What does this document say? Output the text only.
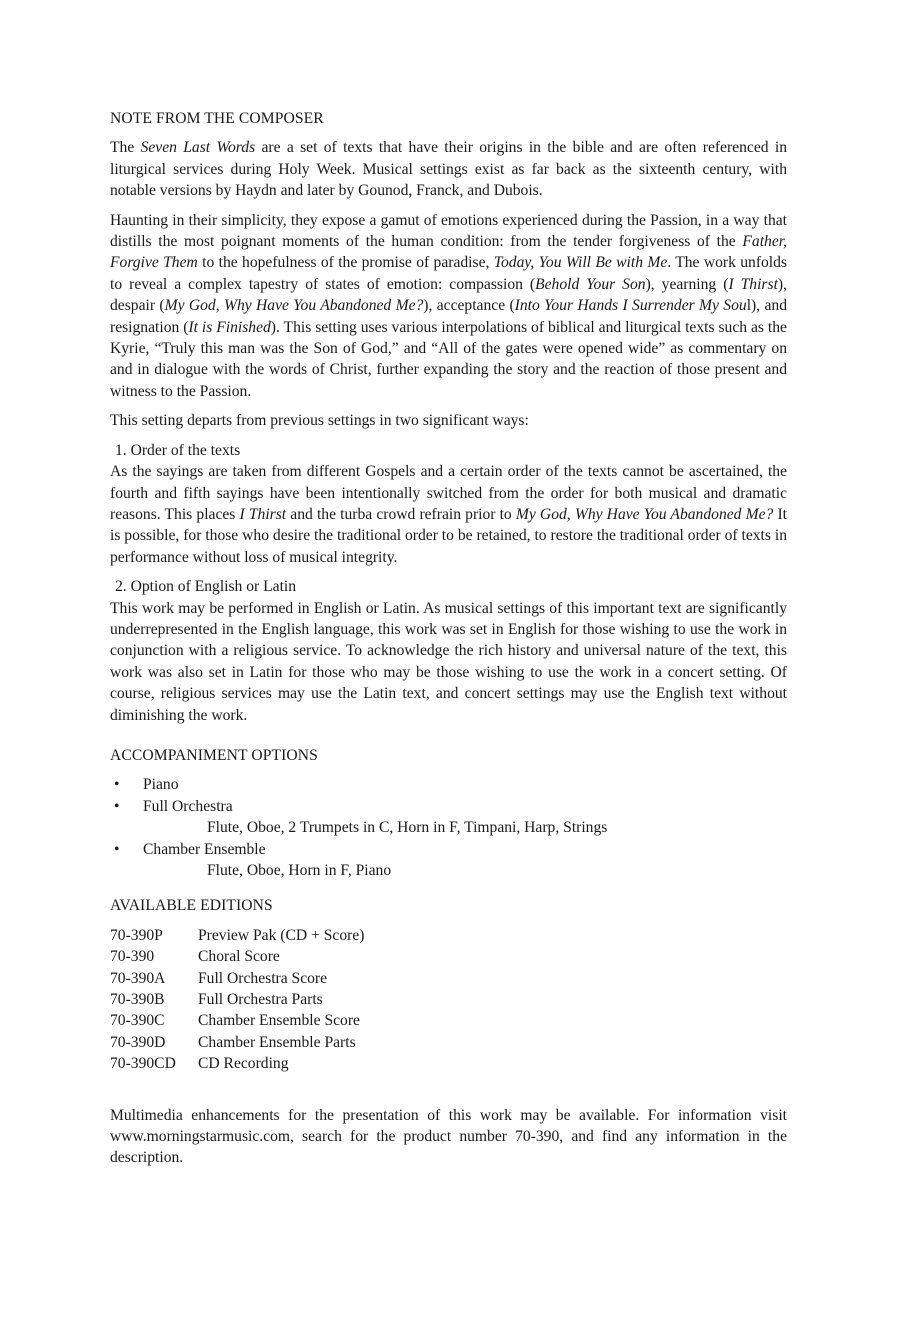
NOTE FROM THE COMPOSER

The Seven Last Words are a set of texts that have their origins in the bible and are often referenced in liturgical services during Holy Week. Musical settings exist as far back as the sixteenth century, with notable versions by Haydn and later by Gounod, Franck, and Dubois.

Haunting in their simplicity, they expose a gamut of emotions experienced during the Passion, in a way that distills the most poignant moments of the human condition: from the tender forgiveness of the Father, Forgive Them to the hopefulness of the promise of paradise, Today, You Will Be with Me. The work unfolds to reveal a complex tapestry of states of emotion: compassion (Behold Your Son), yearning (I Thirst), despair (My God, Why Have You Abandoned Me?), acceptance (Into Your Hands I Surrender My Soul), and resignation (It is Finished). This setting uses various interpolations of biblical and liturgical texts such as the Kyrie, “Truly this man was the Son of God,” and “All of the gates were opened wide” as commentary on and in dialogue with the words of Christ, further expanding the story and the reaction of those present and witness to the Passion.

This setting departs from previous settings in two significant ways:

1. Order of the texts

As the sayings are taken from different Gospels and a certain order of the texts cannot be ascertained, the fourth and fifth sayings have been intentionally switched from the order for both musical and dramatic reasons. This places I Thirst and the turba crowd refrain prior to My God, Why Have You Abandoned Me? It is possible, for those who desire the traditional order to be retained, to restore the traditional order of texts in performance without loss of musical integrity.

2. Option of English or Latin

This work may be performed in English or Latin. As musical settings of this important text are significantly underrepresented in the English language, this work was set in English for those wishing to use the work in conjunction with a religious service. To acknowledge the rich history and universal nature of the text, this work was also set in Latin for those who may be those wishing to use the work in a concert setting. Of course, religious services may use the Latin text, and concert settings may use the English text without diminishing the work.

ACCOMPANIMENT OPTIONS
• Piano
• Full Orchestra
Flute, Oboe, 2 Trumpets in C, Horn in F, Timpani, Harp, Strings
• Chamber Ensemble
Flute, Oboe, Horn in F, Piano
AVAILABLE EDITIONS
70-390P	Preview Pak (CD + Score)
70-390	Choral Score
70-390A	Full Orchestra Score
70-390B	Full Orchestra Parts
70-390C	Chamber Ensemble Score
70-390D	Chamber Ensemble Parts
70-390CD	CD Recording

Multimedia enhancements for the presentation of this work may be available. For information visit www.morningstarmusic.com, search for the product number 70-390, and find any information in the description.
